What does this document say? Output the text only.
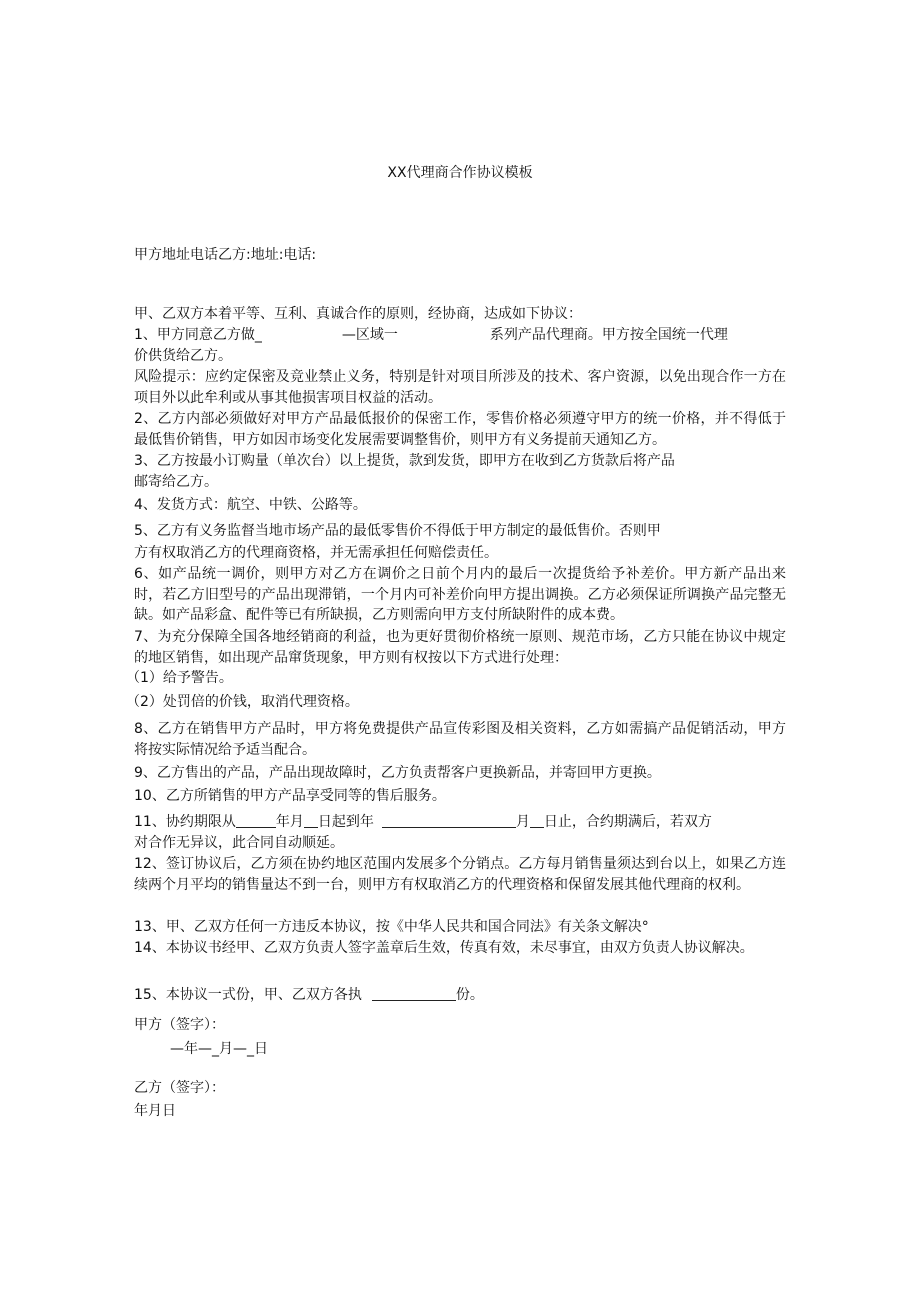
XX代理商合作协议模板
甲方地址电话乙方:地址:电话:
甲、乙双方本着平等、互利、真诚合作的原则，经协商，达成如下协议：
1、甲方同意乙方做_	—区域一	系列产品代理商。甲方按全国统一代理
价供货给乙方。
风险提示：应约定保密及竞业禁止义务，特别是针对项目所涉及的技术、客户资源，以免出现合作一方在项目外以此牟利或从事其他损害项目权益的活动。
2、乙方内部必须做好对甲方产品最低报价的保密工作，零售价格必须遵守甲方的统一价格，并不得低于最低售价销售，甲方如因市场变化发展需要调整售价，则甲方有义务提前天通知乙方。
3、乙方按最小订购量（单次台）以上提货，款到发货，即甲方在收到乙方货款后将产品
邮寄给乙方。
4、发货方式：航空、中铁、公路等。
5、乙方有义务监督当地市场产品的最低零售价不得低于甲方制定的最低售价。否则甲
方有权取消乙方的代理商资格，并无需承担任何赔偿责任。
6、如产品统一调价，则甲方对乙方在调价之日前个月内的最后一次提货给予补差价。甲方新产品出来时，若乙方旧型号的产品出现滞销，一个月内可补差价向甲方提出调换。乙方必须保证所调换产品完整无缺。如产品彩盒、配件等已有所缺损，乙方则需向甲方支付所缺附件的成本费。
7、为充分保障全国各地经销商的利益，也为更好贯彻价格统一原则、规范市场，乙方只能在协议中规定的地区销售，如出现产品窜货现象，甲方则有权按以下方式进行处理：
（1）给予警告。
（2）处罚倍的价钱，取消代理资格。
8、乙方在销售甲方产品时，甲方将免费提供产品宣传彩图及相关资料，乙方如需搞产品促销活动，甲方将按实际情况给予适当配合。
9、乙方售出的产品，产品出现故障时，乙方负责帮客户更换新品，并寄回甲方更换。
10、乙方所销售的甲方产品享受同等的售后服务。
11、协约期限从	年月 日起到年	月 日止，合约期满后，若双方
对合作无异议，此合同自动顺延。
12、签订协议后，乙方须在协约地区范围内发展多个分销点。乙方每月销售量须达到台以上，如果乙方连续两个月平均的销售量达不到一台，则甲方有权取消乙方的代理资格和保留发展其他代理商的权利。
13、甲、乙双方任何一方违反本协议，按《中华人民共和国合同法》有关条文解决°
14、本协议书经甲、乙双方负责人签字盖章后生效，传真有效，未尽事宜，由双方负责人协议解决。
15、本协议一式份，甲、乙双方各执	份。
甲方（签字）：
—年—_月—_日
乙方（签字）：
年月日
